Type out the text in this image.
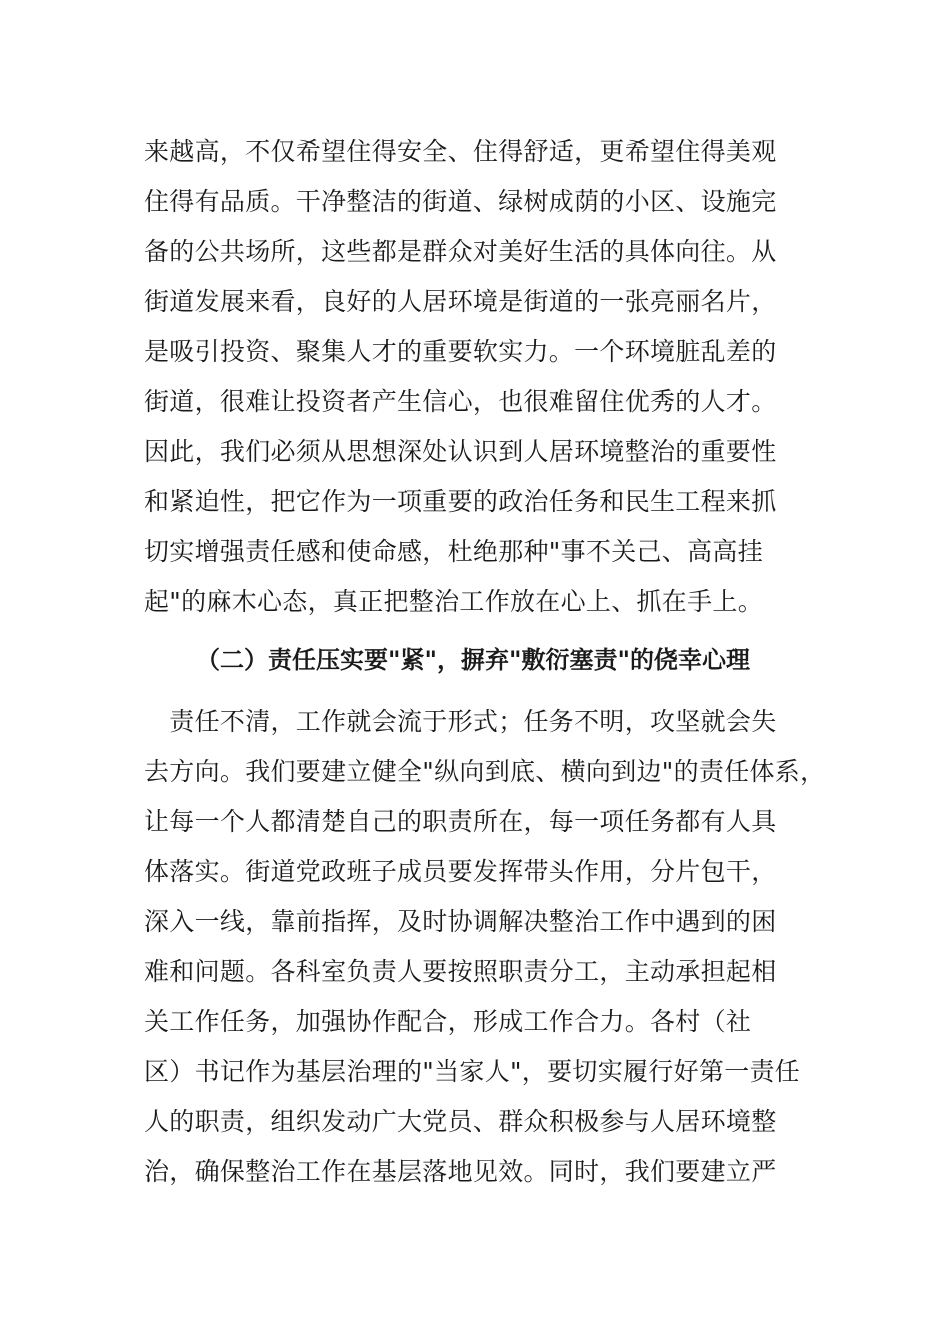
来越高，不仅希望住得安全、住得舒适，更希望住得美观
住得有品质。干净整洁的街道、绿树成荫的小区、设施完
备的公共场所，这些都是群众对美好生活的具体向往。从
街道发展来看，良好的人居环境是街道的一张亮丽名片，
是吸引投资、聚集人才的重要软实力。一个环境脏乱差的
街道，很难让投资者产生信心，也很难留住优秀的人才。
因此，我们必须从思想深处认识到人居环境整治的重要性
和紧迫性，把它作为一项重要的政治任务和民生工程来抓
切实增强责任感和使命感，杜绝那种"事不关己、高高挂
起"的麻木心态，真正把整治工作放在心上、抓在手上。
（二）责任压实要"紧"，摒弃"敷衍塞责"的侥幸心理
　责任不清，工作就会流于形式；任务不明，攻坚就会失
去方向。我们要建立健全"纵向到底、横向到边"的责任体系，
让每一个人都清楚自己的职责所在，每一项任务都有人具
体落实。街道党政班子成员要发挥带头作用，分片包干，
深入一线，靠前指挥，及时协调解决整治工作中遇到的困
难和问题。各科室负责人要按照职责分工，主动承担起相
关工作任务，加强协作配合，形成工作合力。各村（社
区）书记作为基层治理的"当家人"，要切实履行好第一责任
人的职责，组织发动广大党员、群众积极参与人居环境整
治，确保整治工作在基层落地见效。同时，我们要建立严
